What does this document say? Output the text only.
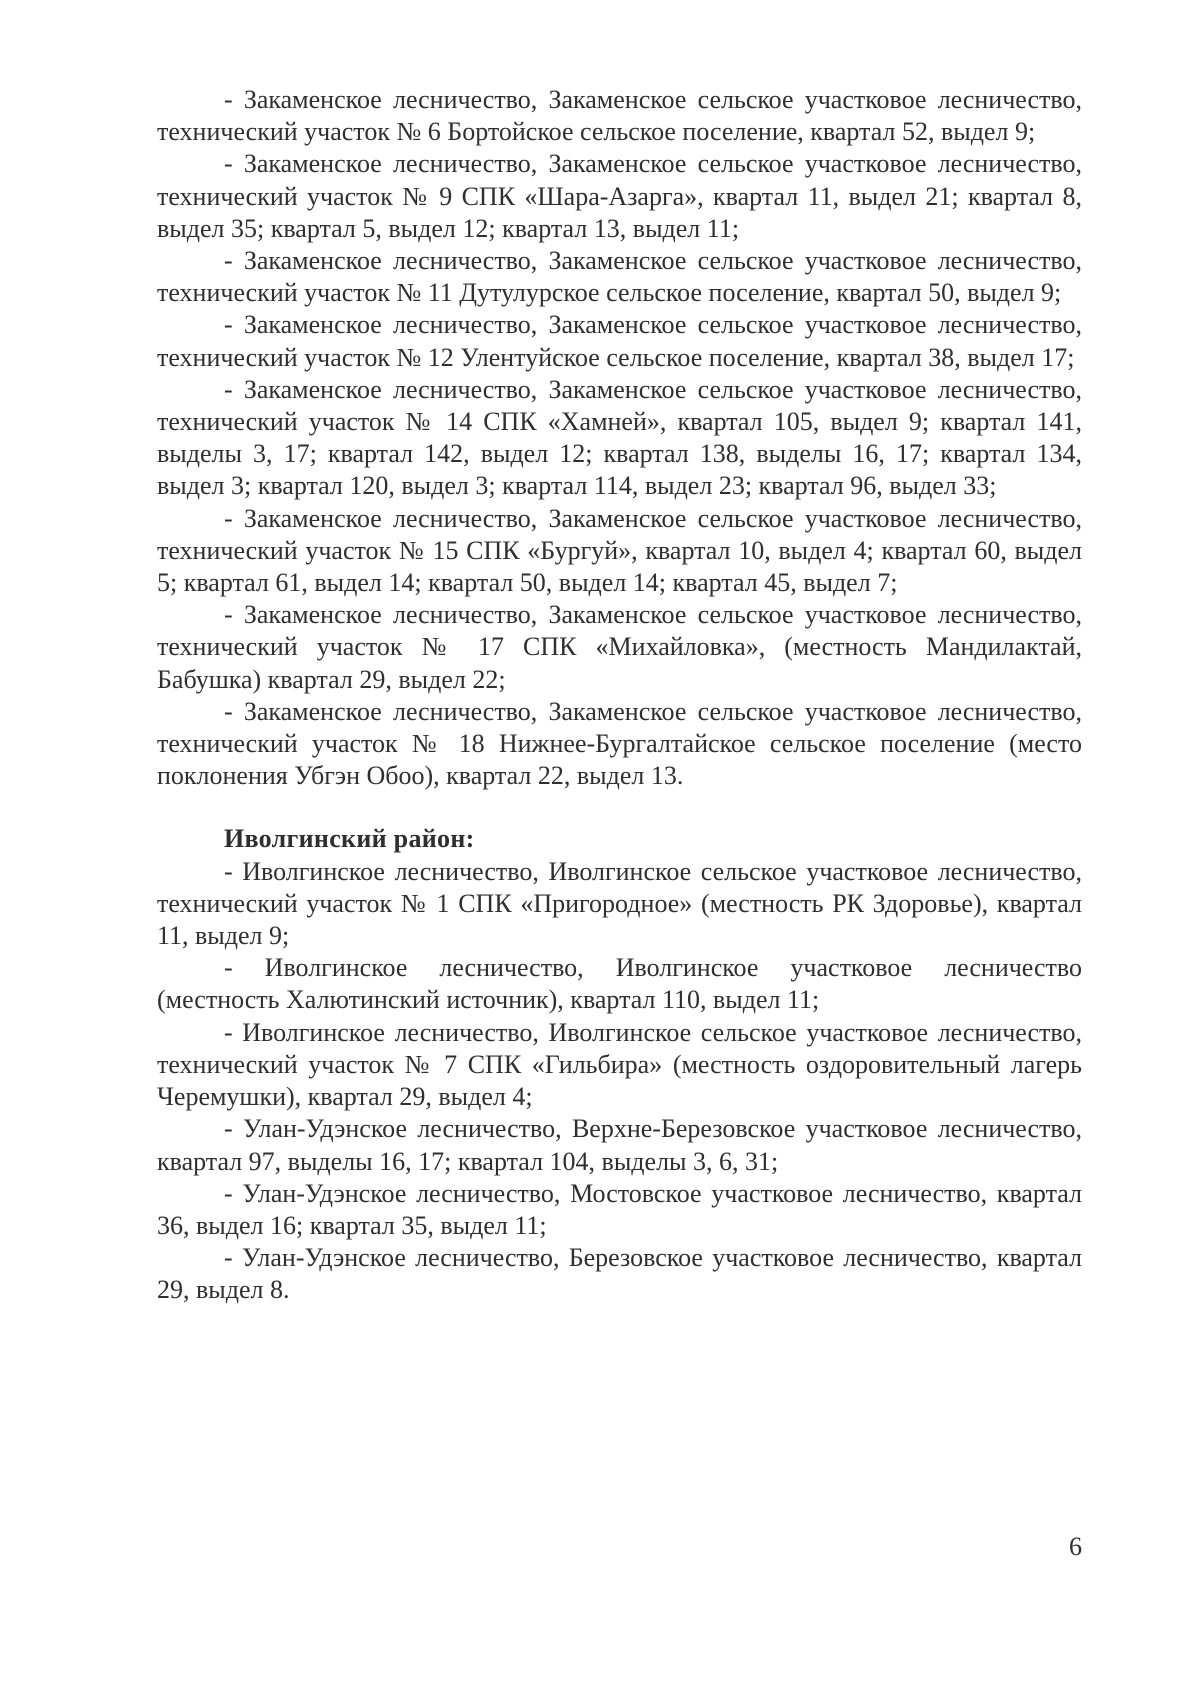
- Закаменское лесничество, Закаменское сельское участковое лесничество, технический участок № 6 Бортойское сельское поселение, квартал 52, выдел 9;

- Закаменское лесничество, Закаменское сельское участковое лесничество, технический участок № 9 СПК «Шара-Азарга», квартал 11, выдел 21; квартал 8, выдел 35; квартал 5, выдел 12; квартал 13, выдел 11;

- Закаменское лесничество, Закаменское сельское участковое лесничество, технический участок № 11 Дутулурское сельское поселение, квартал 50, выдел 9;

- Закаменское лесничество, Закаменское сельское участковое лесничество, технический участок № 12 Улентуйское сельское поселение, квартал 38, выдел 17;

- Закаменское лесничество, Закаменское сельское участковое лесничество, технический участок № 14 СПК «Хамней», квартал 105, выдел 9; квартал 141, выделы 3, 17; квартал 142, выдел 12; квартал 138, выделы 16, 17; квартал 134, выдел 3; квартал 120, выдел 3; квартал 114, выдел 23; квартал 96, выдел 33;

- Закаменское лесничество, Закаменское сельское участковое лесничество, технический участок № 15 СПК «Бургуй», квартал 10, выдел 4; квартал 60, выдел 5; квартал 61, выдел 14; квартал 50, выдел 14; квартал 45, выдел 7;

- Закаменское лесничество, Закаменское сельское участковое лесничество, технический участок № 17 СПК «Михайловка», (местность Мандилактай, Бабушка) квартал 29, выдел 22;

- Закаменское лесничество, Закаменское сельское участковое лесничество, технический участок № 18 Нижнее-Бургалтайское сельское поселение (место поклонения Убгэн Обоо), квартал 22, выдел 13.

Иволгинский район:

- Иволгинское лесничество, Иволгинское сельское участковое лесничество, технический участок № 1 СПК «Пригородное» (местность РК Здоровье), квартал 11, выдел 9;

- Иволгинское лесничество, Иволгинское участковое лесничество (местность Халютинский источник), квартал 110, выдел 11;

- Иволгинское лесничество, Иволгинское сельское участковое лесничество, технический участок № 7 СПК «Гильбира» (местность оздоровительный лагерь Черемушки), квартал 29, выдел 4;

- Улан-Удэнское лесничество, Верхне-Березовское участковое лесничество, квартал 97, выделы 16, 17; квартал 104, выделы 3, 6, 31;

- Улан-Удэнское лесничество, Мостовское участковое лесничество, квартал 36, выдел 16; квартал 35, выдел 11;

- Улан-Удэнское лесничество, Березовское участковое лесничество, квартал 29, выдел 8.

6
